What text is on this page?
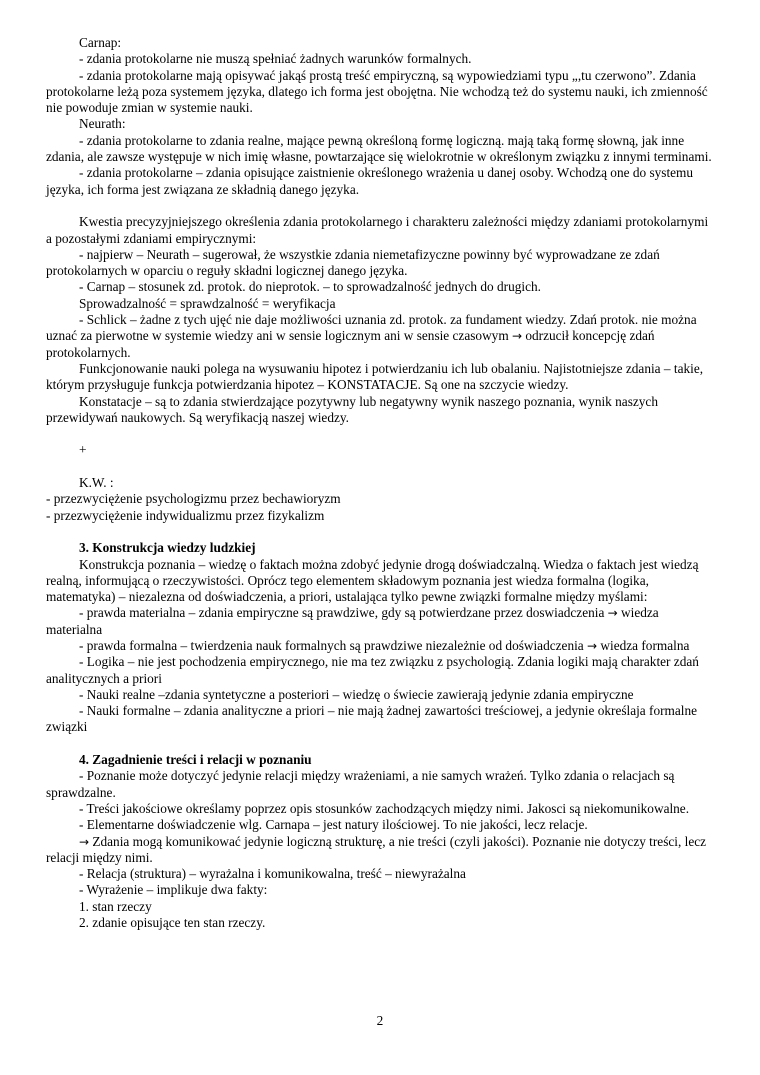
Carnap:

- zdania protokolarne nie muszą spełniać żadnych warunków formalnych.

- zdania protokolarne mają opisywać jakąś prostą treść empiryczną, są wypowiedziami typu „,tu czerwono”. Zdania protokolarne leżą poza systemem języka, dlatego ich forma jest obojętna. Nie wchodzą też do systemu nauki, ich zmienność nie powoduje zmian w systemie nauki.

Neurath:

- zdania protokolarne to zdania realne, mające pewną określoną formę logiczną. mają taką formę słowną, jak inne zdania, ale zawsze występuje w nich imię własne, powtarzające się wielokrotnie w określonym związku z innymi terminami.

- zdania protokolarne – zdania opisujące zaistnienie określonego wrażenia u danej osoby. Wchodzą one do systemu języka, ich forma jest związana ze składnią danego języka.

Kwestia precyzyjniejszego określenia zdania protokolarnego i charakteru zależności między zdaniami protokolarnymi a pozostałymi zdaniami empirycznymi:

- najpierw – Neurath – sugerował, że wszystkie zdania niemetafizyczne powinny być wyprowadzane ze zdań protokolarnych w oparciu o reguły składni logicznej danego języka.

- Carnap – stosunek zd. protok. do nieprotok. – to sprowadzalność jednych do drugich.

Sprowadzalność = sprawdzalność = weryfikacja

- Schlick – żadne z tych ujęć nie daje możliwości uznania zd. protok. za fundament wiedzy. Zdań protok. nie można uznać za pierwotne w systemie wiedzy ani w sensie logicznym ani w sensie czasowym → odrzucił koncepcję zdań protokolarnych.

Funkcjonowanie nauki polega na wysuwaniu hipotez i potwierdzaniu ich lub obalaniu. Najistotniejsze zdania – takie, którym przysługuje funkcja potwierdzania hipotez – KONSTATACJE. Są one na szczycie wiedzy.

Konstatacje – są to zdania stwierdzające pozytywny lub negatywny wynik naszego poznania, wynik naszych przewidywań naukowych. Są weryfikacją naszej wiedzy.

+

K.W. :

- przezwyciężenie psychologizmu przez bechawioryzm

- przezwyciężenie indywidualizmu przez fizykalizm

3. Konstrukcja wiedzy ludzkiej

Konstrukcja poznania – wiedzę o faktach można zdobyć jedynie drogą doświadczalną. Wiedza o faktach jest wiedzą realną, informującą o rzeczywistości. Oprócz tego elementem składowym poznania jest wiedza formalna (logika, matematyka) – niezalezna od doświadczenia, a priori, ustalająca tylko pewne związki formalne między myślami:

- prawda materialna – zdania empiryczne są prawdziwe, gdy są potwierdzane przez doswiadczenia → wiedza materialna

- prawda formalna – twierdzenia nauk formalnych są prawdziwe niezależnie od doświadczenia → wiedza formalna

- Logika – nie jest pochodzenia empirycznego, nie ma tez związku z psychologią. Zdania logiki mają charakter zdań analitycznych a priori

- Nauki realne –zdania syntetyczne a posteriori – wiedzę o świecie zawierają jedynie zdania empiryczne

- Nauki formalne – zdania analityczne a priori – nie mają żadnej zawartości treściowej, a jedynie określaja formalne związki

4. Zagadnienie treści i relacji w poznaniu

- Poznanie może dotyczyć jedynie relacji między wrażeniami, a nie samych wrażeń. Tylko zdania o relacjach są sprawdzalne.

- Treści jakościowe określamy poprzez opis stosunków zachodzących między nimi. Jakosci są niekomunikowalne.

- Elementarne doświadczenie wlg. Carnapa – jest natury ilościowej. To nie jakości, lecz relacje.

→ Zdania mogą komunikować jedynie logiczną strukturę, a nie treści (czyli jakości). Poznanie nie dotyczy treści, lecz relacji między nimi.

- Relacja (struktura) – wyrażalna i komunikowalna, treść – niewyrażalna

- Wyrażenie – implikuje dwa fakty:

1. stan rzeczy

2. zdanie opisujące ten stan rzeczy.

2
